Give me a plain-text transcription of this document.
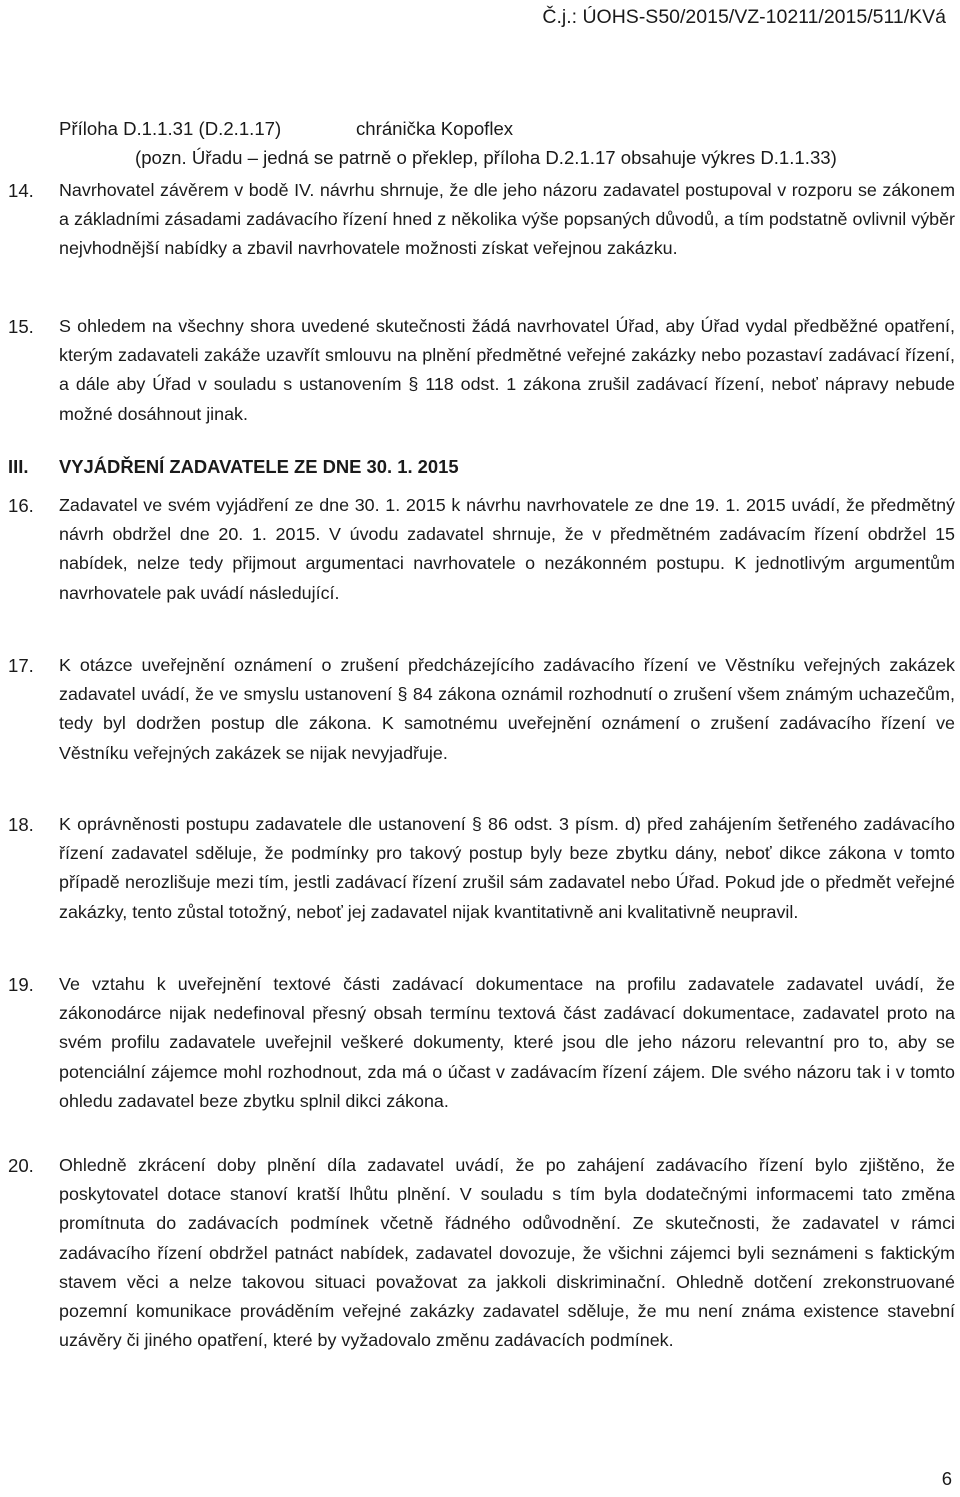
Č.j.: ÚOHS-S50/2015/VZ-10211/2015/511/KVá
Příloha D.1.1.31 (D.2.1.17)	chránička Kopoflex
(pozn. Úřadu – jedná se patrně o překlep, příloha D.2.1.17 obsahuje výkres D.1.1.33)
14. Navrhovatel závěrem v bodě IV. návrhu shrnuje, že dle jeho názoru zadavatel postupoval v rozporu se zákonem a základními zásadami zadávacího řízení hned z několika výše popsaných důvodů, a tím podstatně ovlivnil výběr nejvhodnější nabídky a zbavil navrhovatele možnosti získat veřejnou zakázku.
15. S ohledem na všechny shora uvedené skutečnosti žádá navrhovatel Úřad, aby Úřad vydal předběžné opatření, kterým zadavateli zakáže uzavřít smlouvu na plnění předmětné veřejné zakázky nebo pozastaví zadávací řízení, a dále aby Úřad v souladu s ustanovením § 118 odst. 1 zákona zrušil zadávací řízení, neboť nápravy nebude možné dosáhnout jinak.
III. VYJÁDŘENÍ ZADAVATELE ZE DNE 30. 1. 2015
16. Zadavatel ve svém vyjádření ze dne 30. 1. 2015 k návrhu navrhovatele ze dne 19. 1. 2015 uvádí, že předmětný návrh obdržel dne 20. 1. 2015. V úvodu zadavatel shrnuje, že v předmětném zadávacím řízení obdržel 15 nabídek, nelze tedy přijmout argumentaci navrhovatele o nezákonném postupu. K jednotlivým argumentům navrhovatele pak uvádí následující.
17. K otázce uveřejnění oznámení o zrušení předcházejícího zadávacího řízení ve Věstníku veřejných zakázek zadavatel uvádí, že ve smyslu ustanovení § 84 zákona oznámil rozhodnutí o zrušení všem známým uchazečům, tedy byl dodržen postup dle zákona. K samotnému uveřejnění oznámení o zrušení zadávacího řízení ve Věstníku veřejných zakázek se nijak nevyjadřuje.
18. K oprávněnosti postupu zadavatele dle ustanovení § 86 odst. 3 písm. d) před zahájením šetřeného zadávacího řízení zadavatel sděluje, že podmínky pro takový postup byly beze zbytku dány, neboť dikce zákona v tomto případě nerozlišuje mezi tím, jestli zadávací řízení zrušil sám zadavatel nebo Úřad. Pokud jde o předmět veřejné zakázky, tento zůstal totožný, neboť jej zadavatel nijak kvantitativně ani kvalitativně neupravil.
19. Ve vztahu k uveřejnění textové části zadávací dokumentace na profilu zadavatele zadavatel uvádí, že zákonodárce nijak nedefinoval přesný obsah termínu textová část zadávací dokumentace, zadavatel proto na svém profilu zadavatele uveřejnil veškeré dokumenty, které jsou dle jeho názoru relevantní pro to, aby se potenciální zájemce mohl rozhodnout, zda má o účast v zadávacím řízení zájem. Dle svého názoru tak i v tomto ohledu zadavatel beze zbytku splnil dikci zákona.
20. Ohledně zkrácení doby plnění díla zadavatel uvádí, že po zahájení zadávacího řízení bylo zjištěno, že poskytovatel dotace stanoví kratší lhůtu plnění. V souladu s tím byla dodatečnými informacemi tato změna promítnuta do zadávacích podmínek včetně řádného odůvodnění. Ze skutečnosti, že zadavatel v rámci zadávacího řízení obdržel patnáct nabídek, zadavatel dovozuje, že všichni zájemci byli seznámeni s faktickým stavem věci a nelze takovou situaci považovat za jakkoli diskriminační. Ohledně dotčení zrekonstruované pozemní komunikace prováděním veřejné zakázky zadavatel sděluje, že mu není známa existence stavební uzávěry či jiného opatření, které by vyžadovalo změnu zadávacích podmínek.
6
